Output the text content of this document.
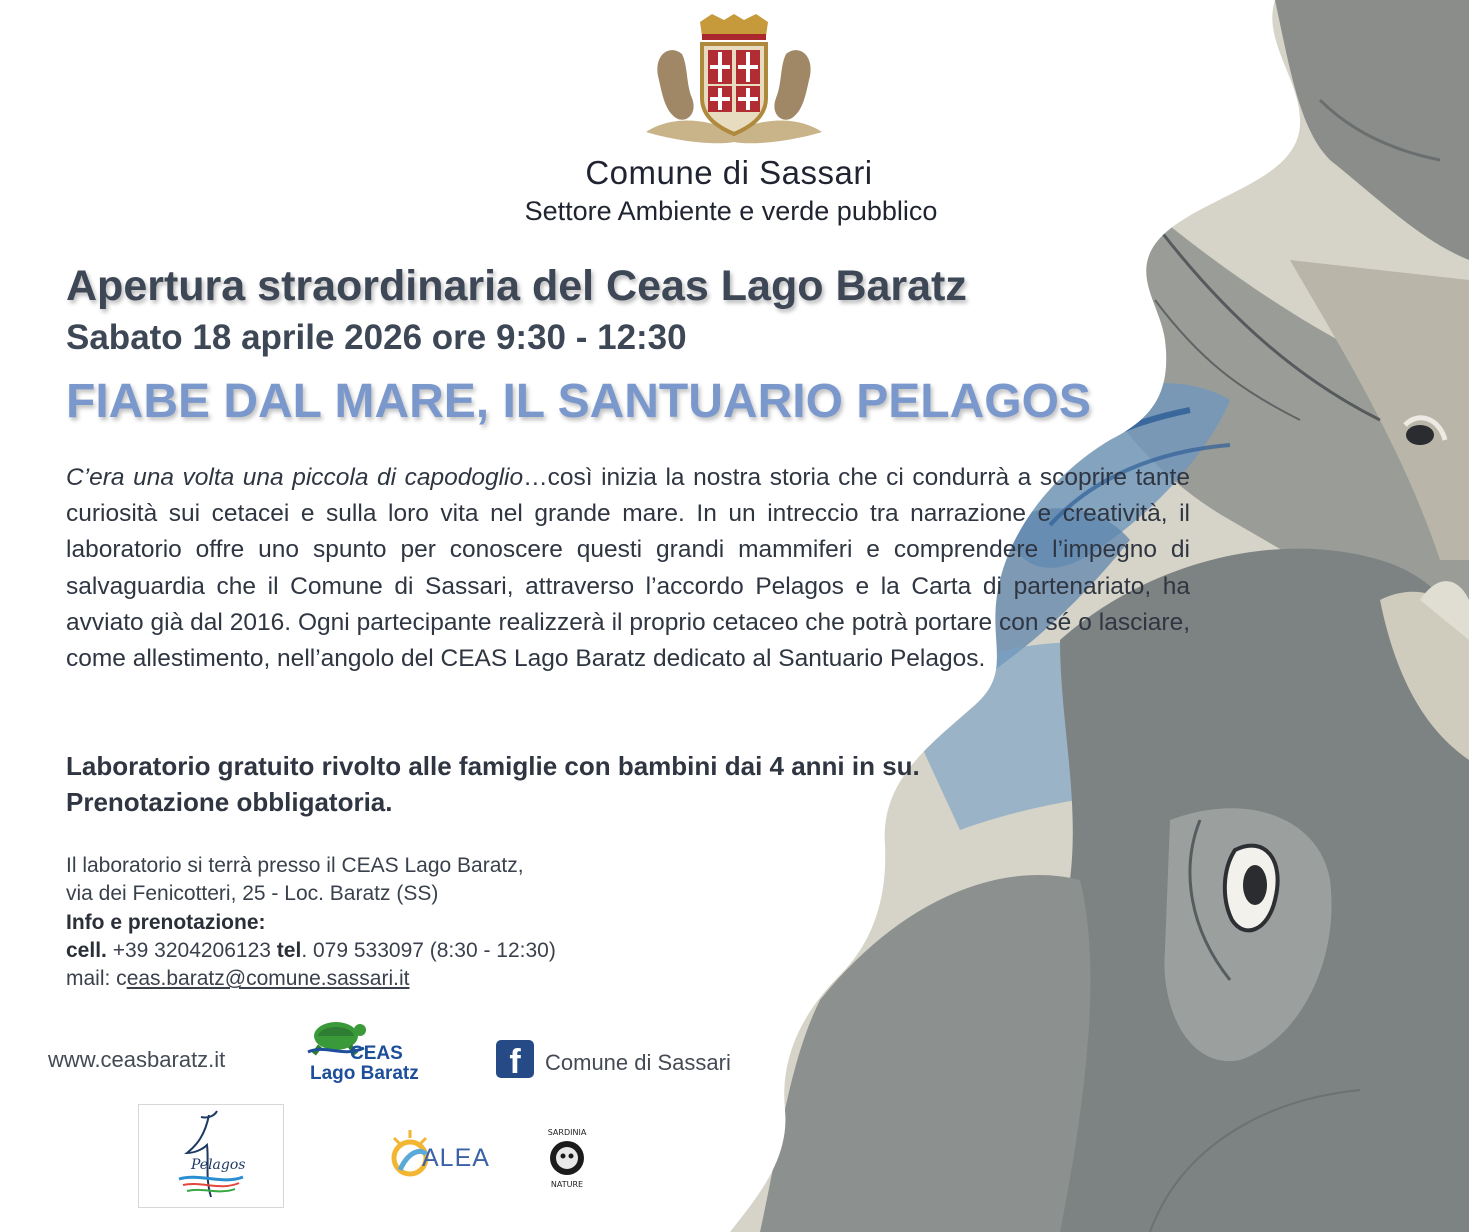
Comune di Sassari
Settore Ambiente e verde pubblico
Apertura straordinaria del Ceas Lago Baratz
Sabato 18 aprile 2026 ore 9:30 - 12:30
FIABE DAL MARE, IL SANTUARIO PELAGOS

C’era una volta una piccola di capodoglio…così inizia la nostra storia che ci condurrà a scoprire tante curiosità sui cetacei e sulla loro vita nel grande mare. In un intreccio tra narrazione e creatività, il laboratorio offre uno spunto per conoscere questi grandi mammiferi e comprendere l’impegno di salvaguardia che il Comune di Sassari, attraverso l’accordo Pelagos e la Carta di partenariato, ha avviato già dal 2016. Ogni partecipante realizzerà il proprio cetaceo che potrà portare con sé o lasciare, come allestimento, nell’angolo del CEAS Lago Baratz dedicato al Santuario Pelagos.

Laboratorio gratuito rivolto alle famiglie con bambini dai 4 anni in su.
Prenotazione obbligatoria.
Il laboratorio si terrà presso il CEAS Lago Baratz,
via dei Fenicotteri, 25 - Loc. Baratz (SS)
Info e prenotazione:
cell. +39 3204206123 tel. 079 533097 (8:30 - 12:30)
mail: ceas.baratz@comune.sassari.it
www.ceasbaratz.it	CEAS
Lago Baratz	f	Comune di Sassari
Pelagos	ALEA
SARDINIA
NATURE
